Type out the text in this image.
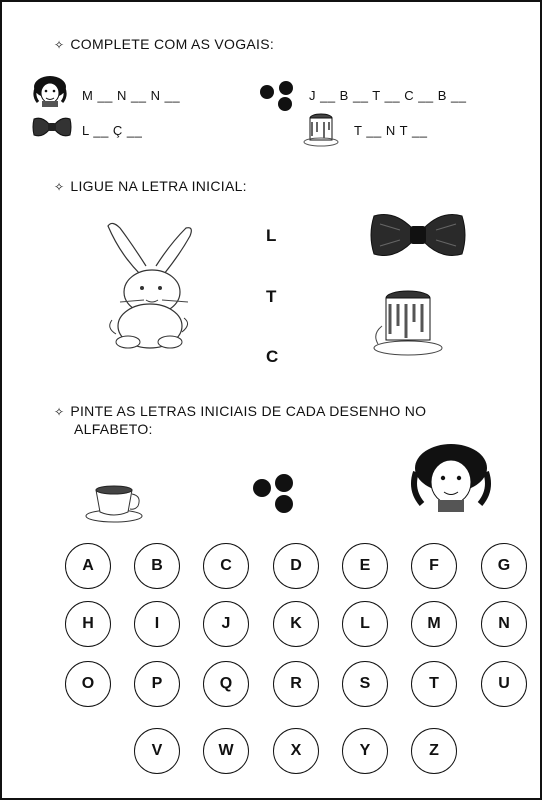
✧ COMPLETE COM AS VOGAIS:
M __ N __ N __	J __ B __ T __ C __ B __
L __ Ç __	T __ N T __
✧ LIGUE NA LETRA INICIAL:
L
T
C
✧ PINTE AS LETRAS INICIAIS DE CADA DESENHO NO
ALFABETO:
A	B	C	D	E	F	G
H	I	J	K	L	M	N
O	P	Q	R	S	T	U
V	W	X	Y	Z
